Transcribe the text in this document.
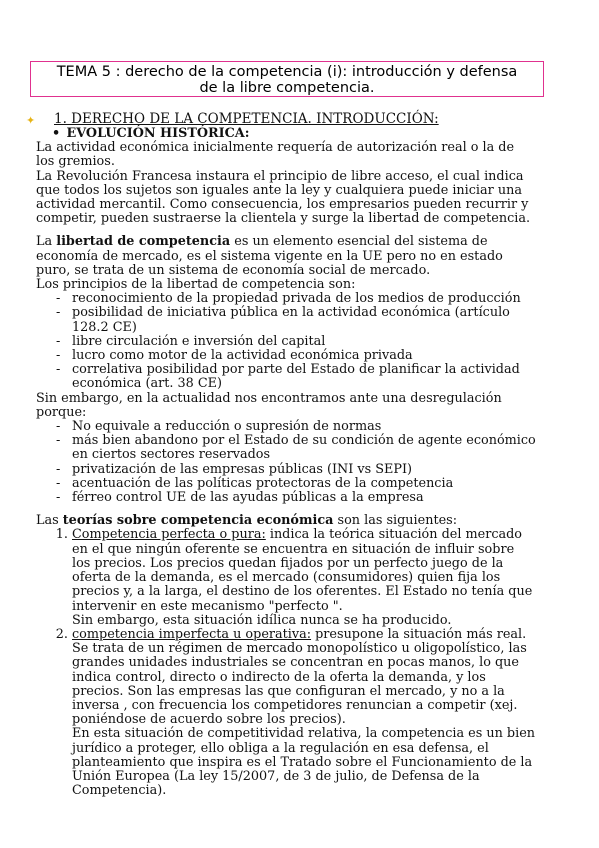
TEMA 5 : derecho de la competencia (i): introducción y defensa
de la libre competencia.
✦ 1. DERECHO DE LA COMPETENCIA. INTRODUCCIÓN:
• EVOLUCIÓN HISTÓRICA:

La actividad económica inicialmente requería de autorización real o la de los gremios.

La Revolución Francesa instaura el principio de libre acceso, el cual indica que todos los sujetos son iguales ante la ley y cualquiera puede iniciar una actividad mercantil. Como consecuencia, los empresarios pueden recurrir y competir, pueden sustraerse la clientela y surge la libertad de competencia.

La libertad de competencia es un elemento esencial del sistema de economía de mercado, es el sistema vigente en la UE pero no en estado puro, se trata de un sistema de economía social de mercado.

Los principios de la libertad de competencia son:

- reconocimiento de la propiedad privada de los medios de producción
- posibilidad de iniciativa pública en la actividad económica (artículo 128.2 CE)
- libre circulación e inversión del capital
- lucro como motor de la actividad económica privada
- correlativa posibilidad por parte del Estado de planificar la actividad económica (art. 38 CE)

Sin embargo, en la actualidad nos encontramos ante una desregulación porque:

- No equivale a reducción o supresión de normas
- más bien abandono por el Estado de su condición de agente económico en ciertos sectores reservados
- privatización de las empresas públicas (INI vs SEPI)
- acentuación de las políticas protectoras de la competencia
- férreo control UE de las ayudas públicas a la empresa

Las teorías sobre competencia económica son las siguientes:

1. Competencia perfecta o pura: indica la teórica situación del mercado en el que ningún oferente se encuentra en situación de influir sobre los precios. Los precios quedan fijados por un perfecto juego de la oferta de la demanda, es el mercado (consumidores) quien fija los precios y, a la larga, el destino de los oferentes. El Estado no tenía que intervenir en este mecanismo "perfecto ".
Sin embargo, esta situación idílica nunca se ha producido.
2. competencia imperfecta u operativa: presupone la situación más real. Se trata de un régimen de mercado monopolístico u oligopolístico, las grandes unidades industriales se concentran en pocas manos, lo que indica control, directo o indirecto de la oferta la demanda, y los precios. Son las empresas las que configuran el mercado, y no a la inversa , con frecuencia los competidores renuncian a competir (xej. poniéndose de acuerdo sobre los precios).
En esta situación de competitividad relativa, la competencia es un bien jurídico a proteger, ello obliga a la regulación en esa defensa, el planteamiento que inspira es el Tratado sobre el Funcionamiento de la Unión Europea (La ley 15/2007, de 3 de julio, de Defensa de la Competencia).
